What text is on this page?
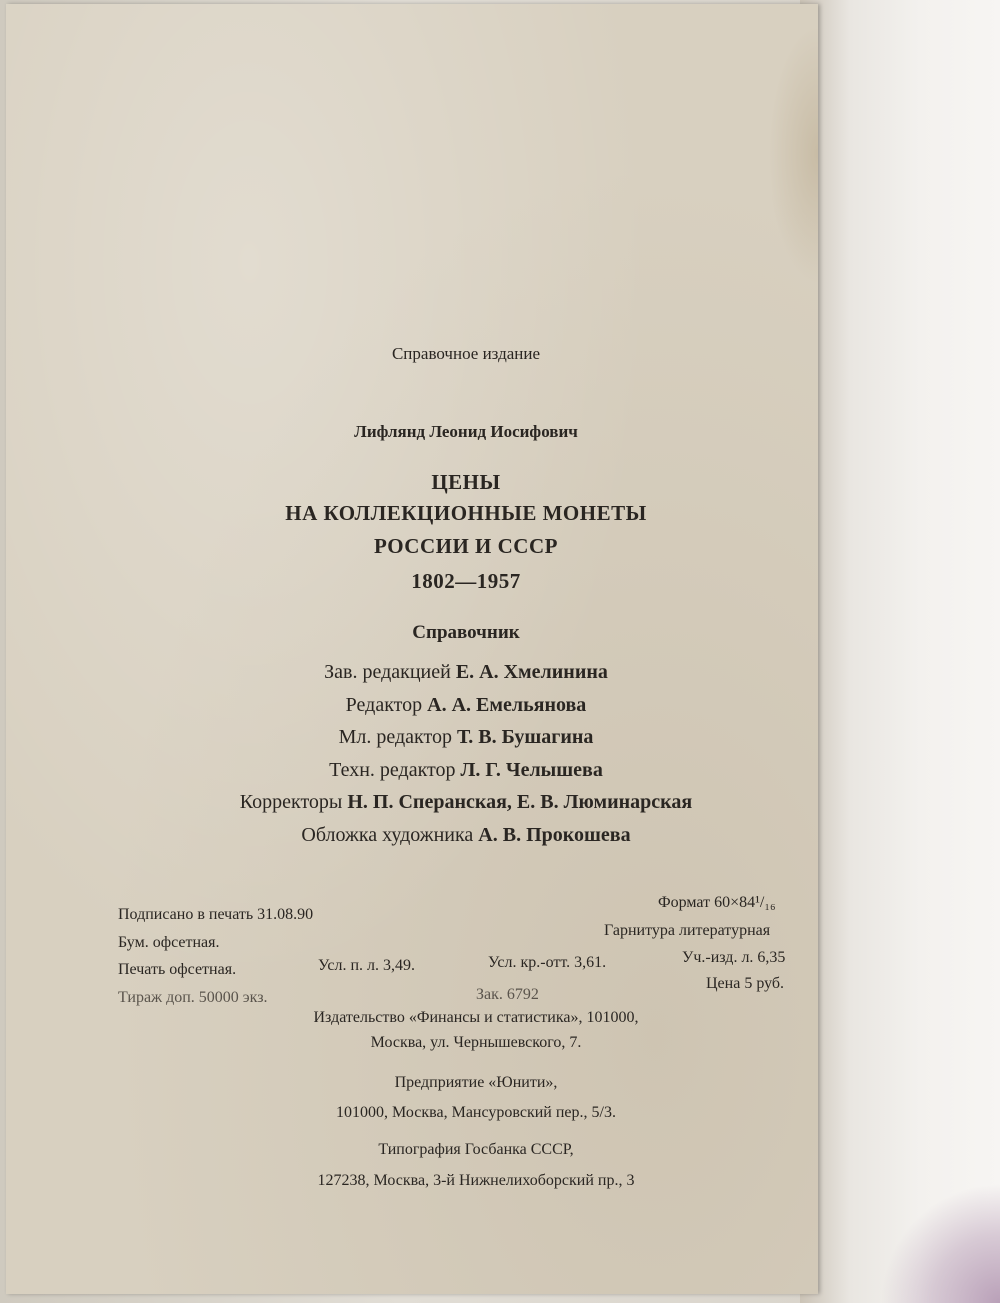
Справочное издание
Лифлянд Леонид Иосифович
ЦЕНЫ
НА КОЛЛЕКЦИОННЫЕ МОНЕТЫ
РОССИИ И СССР
1802—1957
Справочник
Зав. редакцией Е. А. Хмелинина
Редактор А. А. Емельянова
Мл. редактор Т. В. Бушагина
Техн. редактор Л. Г. Челышева
Корректоры Н. П. Сперанская, Е. В. Люминарская
Обложка художника А. В. Прокошева
Подписано в печать 31.08.90
Формат 60×84¹/₁₆
Бум. офсетная.
Гарнитура литературная
Печать офсетная.	Усл. п. л. 3,49.	Усл. кр.-отт. 3,61.	Уч.-изд. л. 6,35
Тираж доп. 50000 экз.	Зак. 6792
Цена 5 руб.
Издательство «Финансы и статистика», 101000,
Москва, ул. Чернышевского, 7.
Предприятие «Юнити»,
101000, Москва, Мансуровский пер., 5/3.
Типография Госбанка СССР,
127238, Москва, 3-й Нижнелихоборский пр., 3
